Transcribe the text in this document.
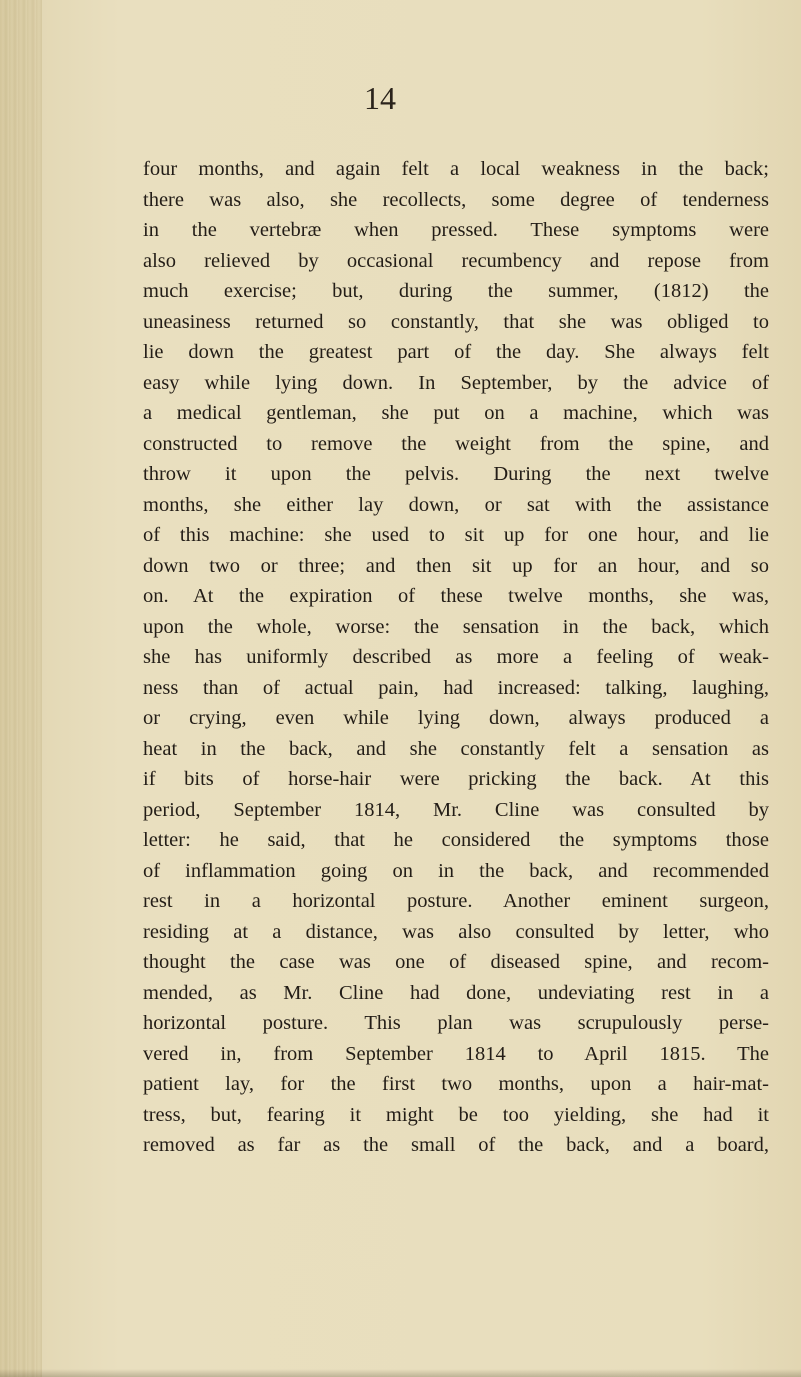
14
four months, and again felt a local weakness in the back;
there was also, she recollects, some degree of tenderness
in the vertebræ when pressed. These symptoms were
also relieved by occasional recumbency and repose from
much exercise; but, during the summer, (1812) the
uneasiness returned so constantly, that she was obliged to
lie down the greatest part of the day. She always felt
easy while lying down. In September, by the advice of
a medical gentleman, she put on a machine, which was
constructed to remove the weight from the spine, and
throw it upon the pelvis. During the next twelve
months, she either lay down, or sat with the assistance
of this machine: she used to sit up for one hour, and lie
down two or three; and then sit up for an hour, and so
on. At the expiration of these twelve months, she was,
upon the whole, worse: the sensation in the back, which
she has uniformly described as more a feeling of weak-
ness than of actual pain, had increased: talking, laughing,
or crying, even while lying down, always produced a
heat in the back, and she constantly felt a sensation as
if bits of horse-hair were pricking the back. At this
period, September 1814, Mr. Cline was consulted by
letter: he said, that he considered the symptoms those
of inflammation going on in the back, and recommended
rest in a horizontal posture. Another eminent surgeon,
residing at a distance, was also consulted by letter, who
thought the case was one of diseased spine, and recom-
mended, as Mr. Cline had done, undeviating rest in a
horizontal posture. This plan was scrupulously perse-
vered in, from September 1814 to April 1815. The
patient lay, for the first two months, upon a hair-mat-
tress, but, fearing it might be too yielding, she had it
removed as far as the small of the back, and a board,
